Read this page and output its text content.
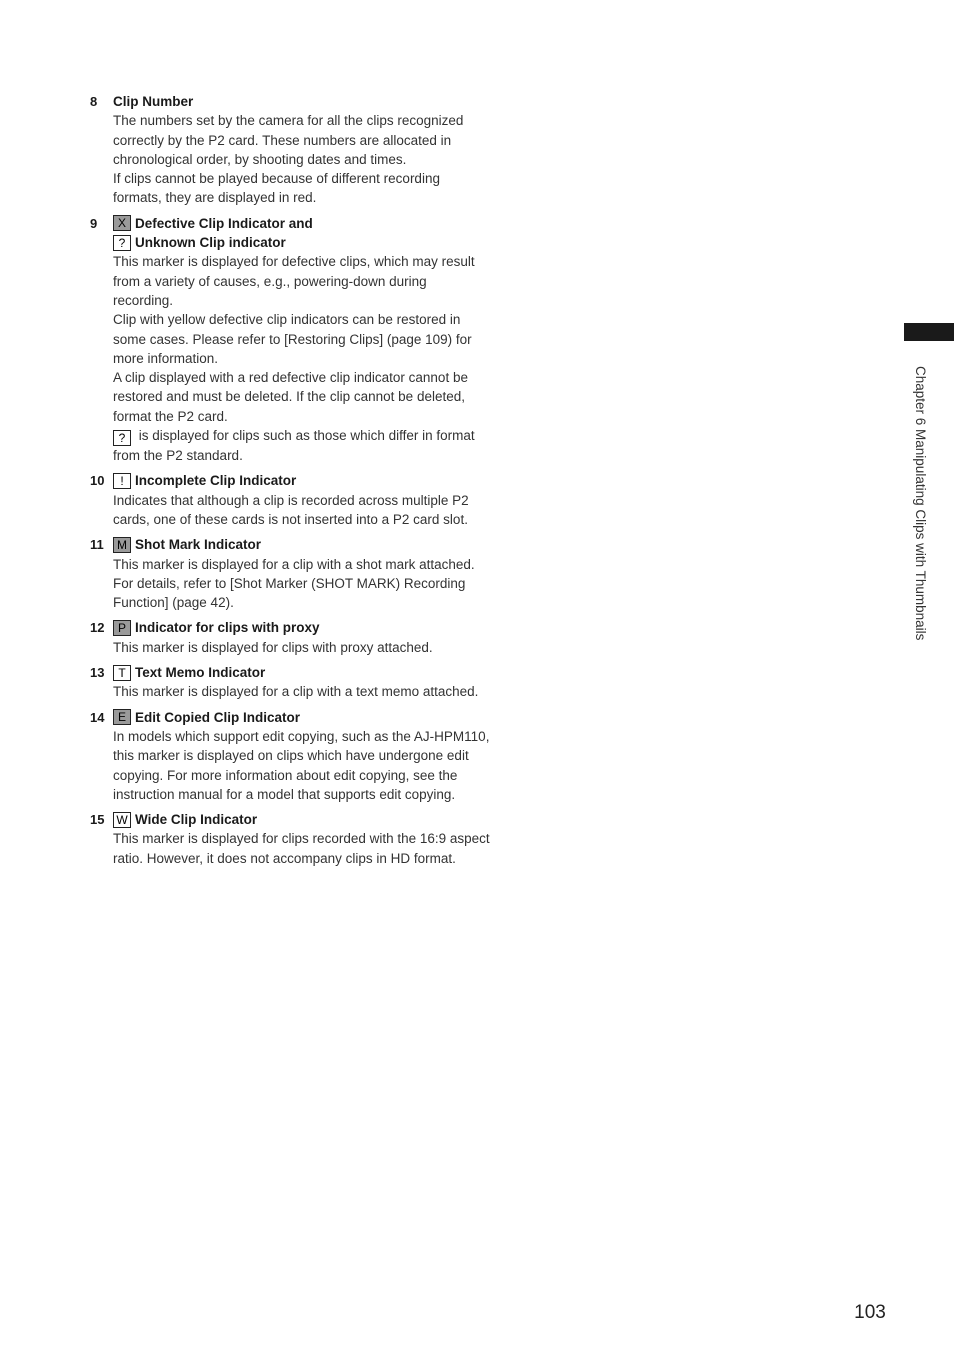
8	Clip Number
The numbers set by the camera for all the clips recognized correctly by the P2 card. These numbers are allocated in chronological order, by shooting dates and times.
If clips cannot be played because of different recording formats, they are displayed in red.
9	X Defective Clip Indicator and
? Unknown Clip indicator
This marker is displayed for defective clips, which may result from a variety of causes, e.g., powering-down during recording.
Clip with yellow defective clip indicators can be restored in some cases. Please refer to [Restoring Clips] (page 109) for more information.
A clip displayed with a red defective clip indicator cannot be restored and must be deleted. If the clip cannot be deleted, format the P2 card.
? is displayed for clips such as those which differ in format from the P2 standard.
10	! Incomplete Clip Indicator
Indicates that although a clip is recorded across multiple P2 cards, one of these cards is not inserted into a P2 card slot.
11	M Shot Mark Indicator
This marker is displayed for a clip with a shot mark attached. For details, refer to [Shot Marker (SHOT MARK) Recording Function] (page 42).
12	P Indicator for clips with proxy
This marker is displayed for clips with proxy attached.
13	T Text Memo Indicator
This marker is displayed for a clip with a text memo attached.
14	E Edit Copied Clip Indicator
In models which support edit copying, such as the AJ-HPM110, this marker is displayed on clips which have undergone edit copying. For more information about edit copying, see the instruction manual for a model that supports edit copying.
15 W Wide Clip Indicator
This marker is displayed for clips recorded with the 16:9 aspect ratio. However, it does not accompany clips in HD format.
Chapter 6 Manipulating Clips with Thumbnails
103
